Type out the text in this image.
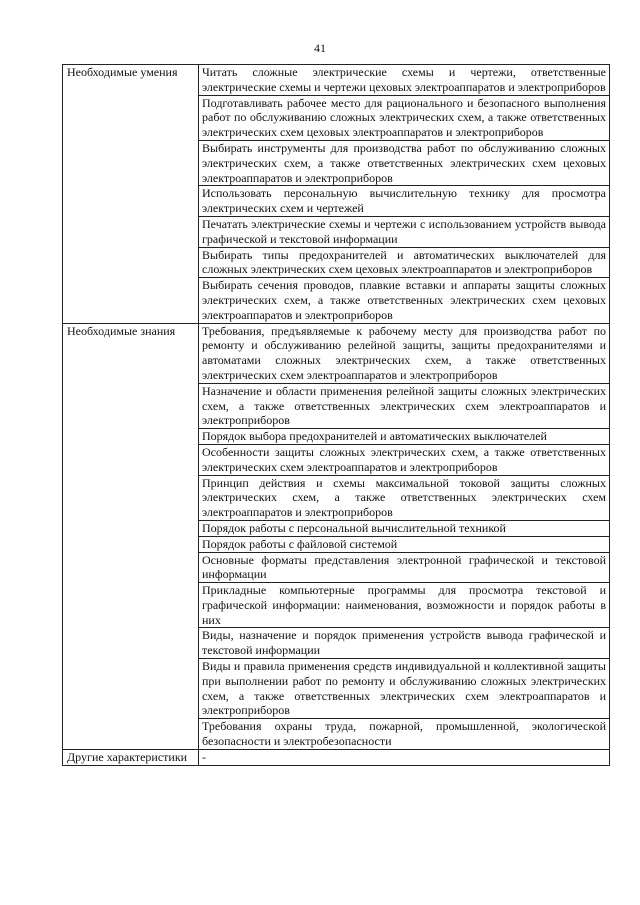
41
Необходимые умения	Читать сложные электрические схемы и чертежи, ответственные электрические схемы и чертежи цеховых электроаппаратов и электроприборов
	Подготавливать рабочее место для рационального и безопасного выполнения работ по обслуживанию сложных электрических схем, а также ответственных электрических схем цеховых электроаппаратов и электроприборов
	Выбирать инструменты для производства работ по обслуживанию сложных электрических схем, а также ответственных электрических схем цеховых электроаппаратов и электроприборов
	Использовать персональную вычислительную технику для просмотра электрических схем и чертежей
	Печатать электрические схемы и чертежи с использованием устройств вывода графической и текстовой информации
	Выбирать типы предохранителей и автоматических выключателей для сложных электрических схем цеховых электроаппаратов и электроприборов
	Выбирать сечения проводов, плавкие вставки и аппараты защиты сложных электрических схем, а также ответственных электрических схем цеховых электроаппаратов и электроприборов
Необходимые знания	Требования, предъявляемые к рабочему месту для производства работ по ремонту и обслуживанию релейной защиты, защиты предохранителями и автоматами сложных электрических схем, а также ответственных электрических схем электроаппаратов и электроприборов
	Назначение и области применения релейной защиты сложных электрических схем, а также ответственных электрических схем электроаппаратов и электроприборов
	Порядок выбора предохранителей и автоматических выключателей
	Особенности защиты сложных электрических схем, а также ответственных электрических схем электроаппаратов и электроприборов
	Принцип действия и схемы максимальной токовой защиты сложных электрических схем, а также ответственных электрических схем электроаппаратов и электроприборов
	Порядок работы с персональной вычислительной техникой
	Порядок работы с файловой системой
	Основные форматы представления электронной графической и текстовой информации
	Прикладные компьютерные программы для просмотра текстовой и графической информации: наименования, возможности и порядок работы в них
	Виды, назначение и порядок применения устройств вывода графической и текстовой информации
	Виды и правила применения средств индивидуальной и коллективной защиты при выполнении работ по ремонту и обслуживанию сложных электрических схем, а также ответственных электрических схем электроаппаратов и электроприборов
	Требования охраны труда, пожарной, промышленной, экологической безопасности и электробезопасности
Другие характеристики	-
